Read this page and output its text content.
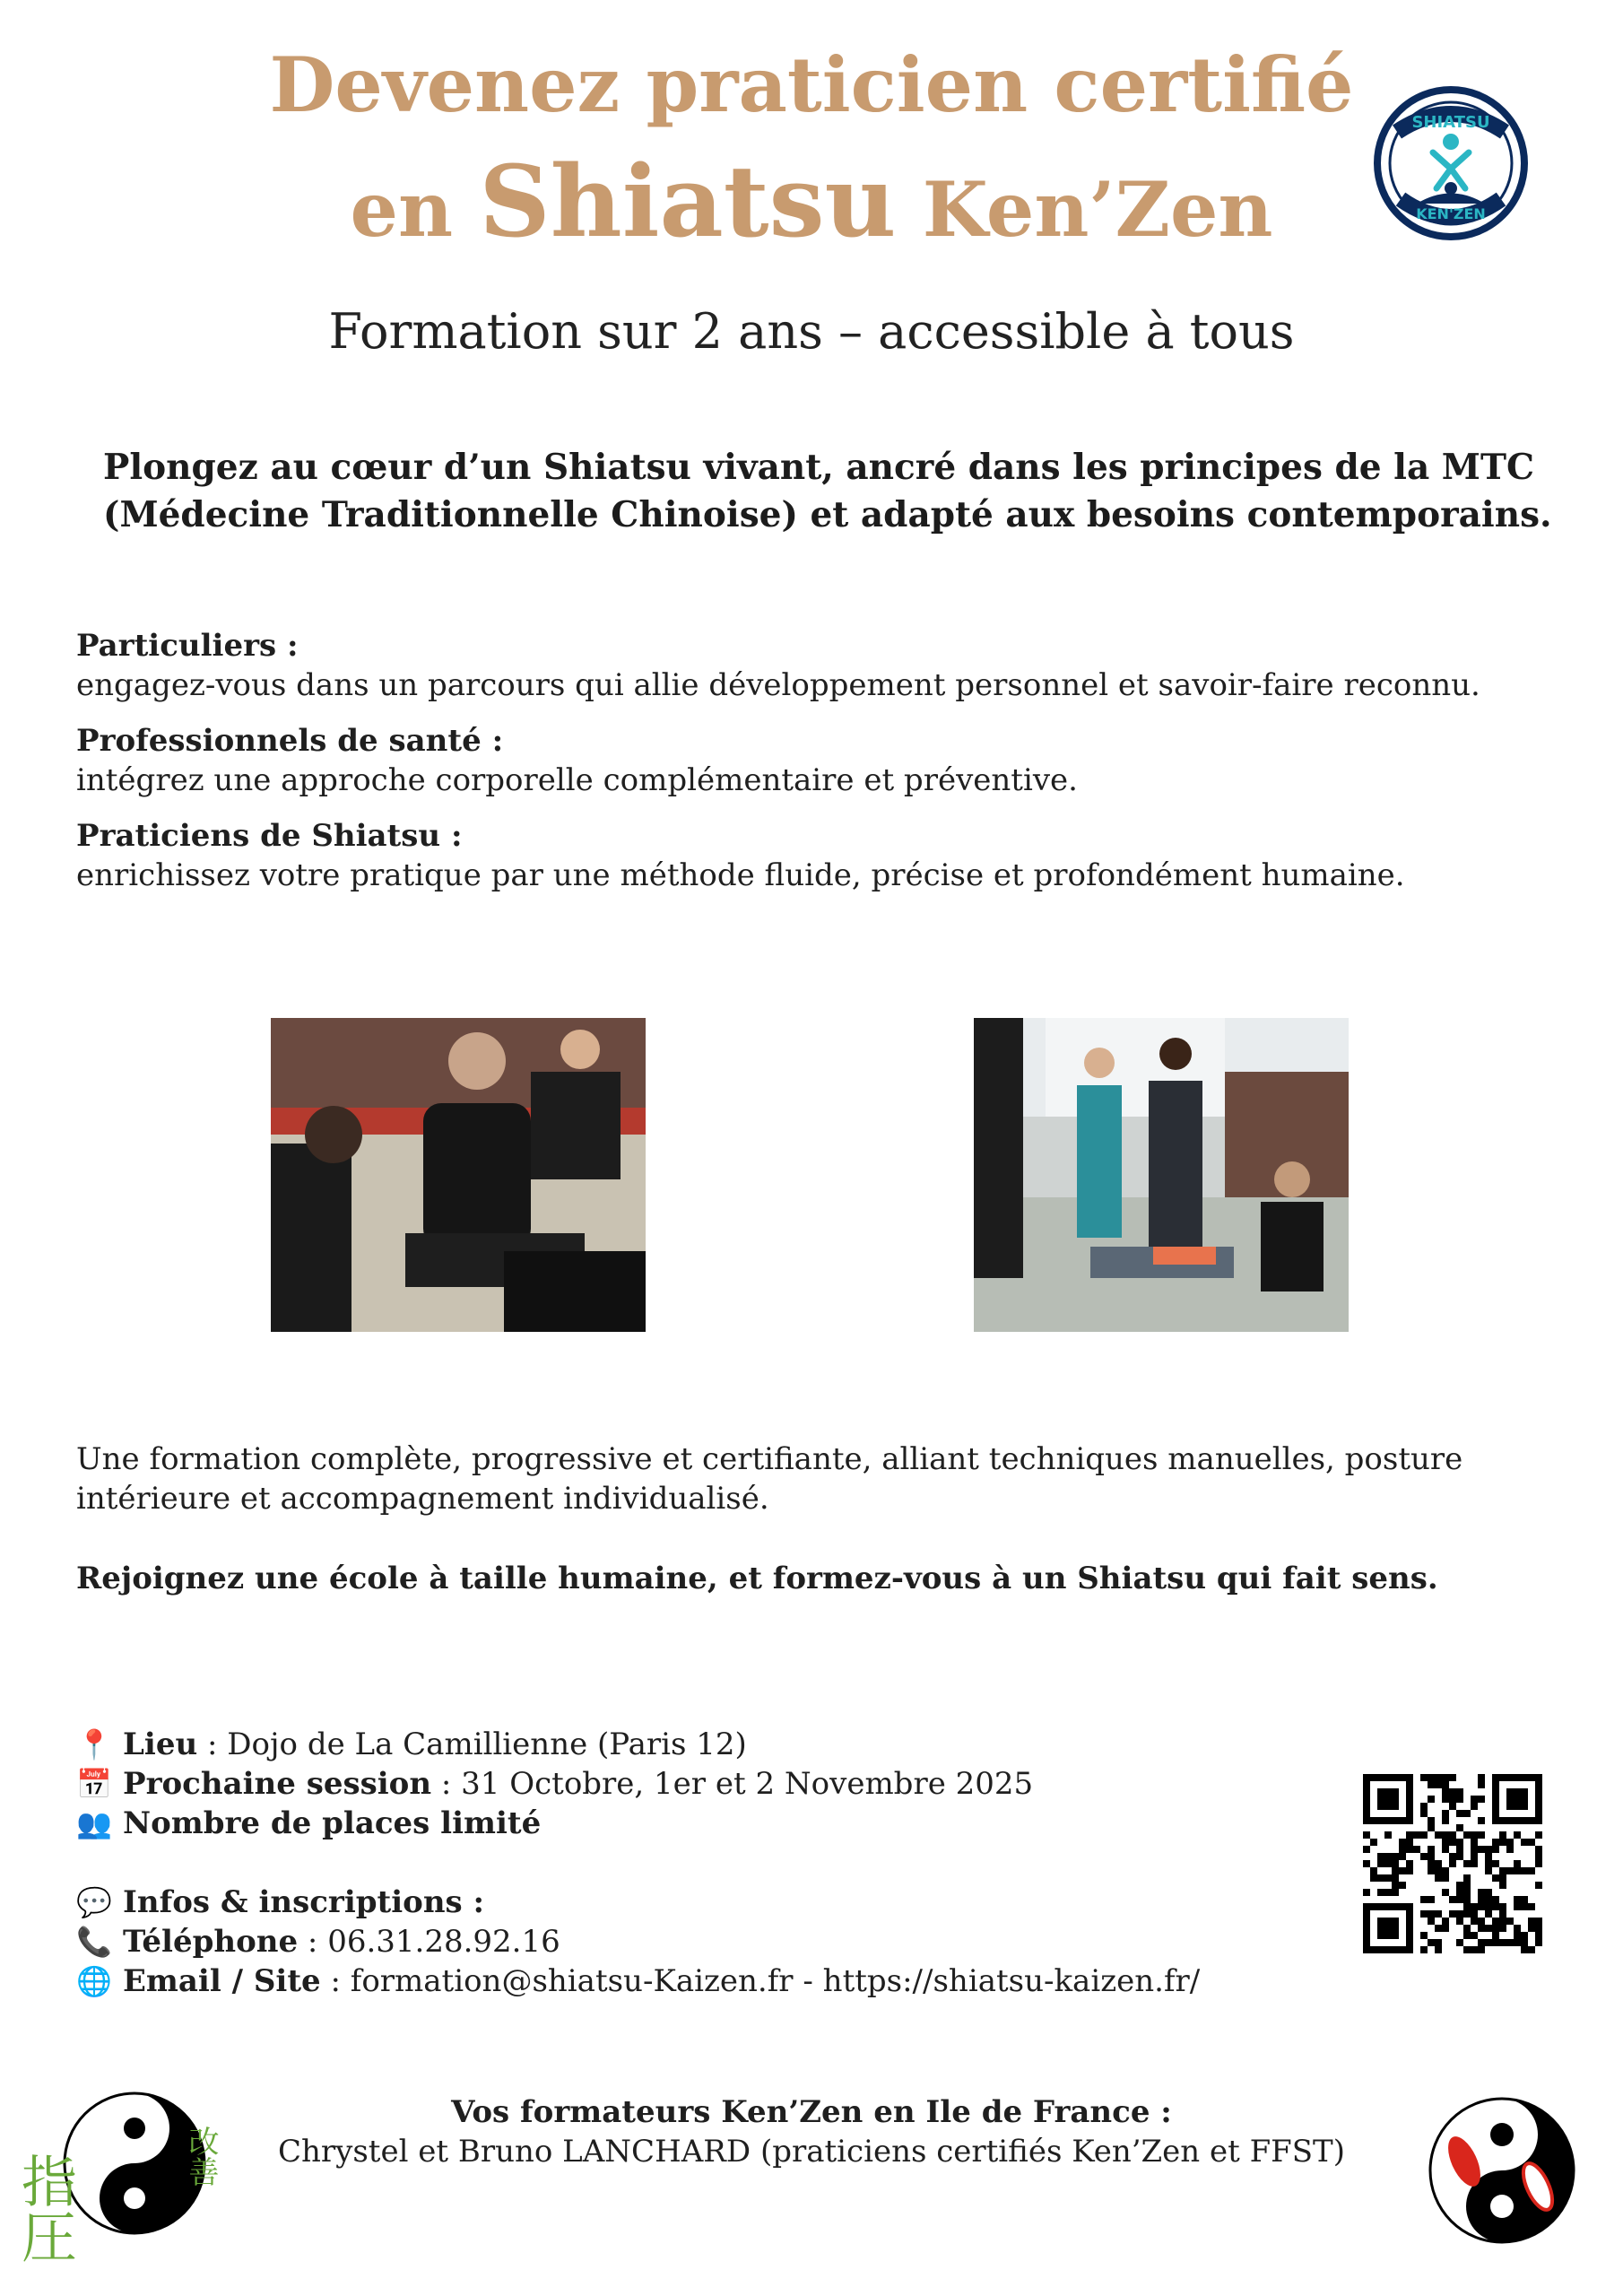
Devenez praticien certifié
en Shiatsu Ken’Zen
SHIATSU
KEN'ZEN
Formation sur 2 ans – accessible à tous
Plongez au cœur d’un Shiatsu vivant, ancré dans les principes de la MTC (Médecine Traditionnelle Chinoise) et adapté aux besoins contemporains.
Particuliers :
engagez-vous dans un parcours qui allie développement personnel et savoir-faire reconnu.
Professionnels de santé :
intégrez une approche corporelle complémentaire et préventive.
Praticiens de Shiatsu :
enrichissez votre pratique par une méthode fluide, précise et profondément humaine.
Une formation complète, progressive et certifiante, alliant techniques manuelles, posture intérieure et accompagnement individualisé.
Rejoignez une école à taille humaine, et formez-vous à un Shiatsu qui fait sens.
📍 Lieu : Dojo de La Camillienne (Paris 12)
📅 Prochaine session : 31 Octobre, 1er et 2 Novembre 2025
👥 Nombre de places limité
💬 Infos & inscriptions :
📞 Téléphone : 06.31.28.92.16
🌐 Email / Site : formation@shiatsu-Kaizen.fr - https://shiatsu-kaizen.fr/
Vos formateurs Ken’Zen en Ile de France :
Chrystel et Bruno LANCHARD (praticiens certifiés Ken’Zen et FFST)
指圧	改善
